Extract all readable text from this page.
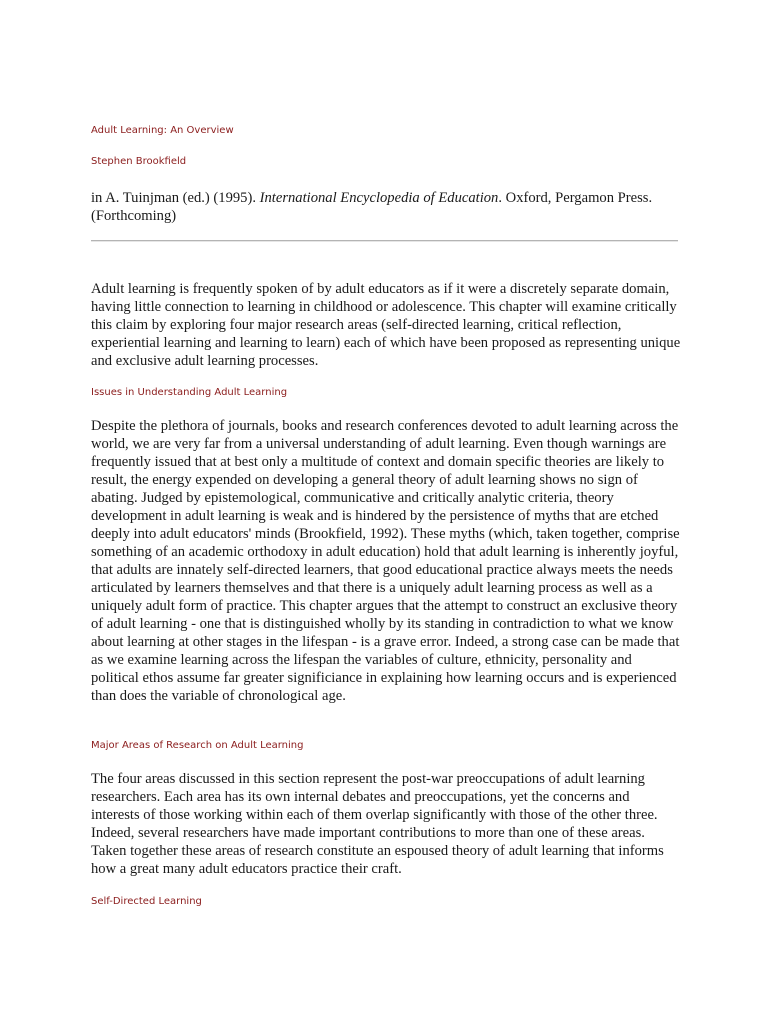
Adult Learning: An Overview
Stephen Brookfield

in A. Tuinjman (ed.) (1995). International Encyclopedia of Education. Oxford, Pergamon Press. (Forthcoming)

Adult learning is frequently spoken of by adult educators as if it were a discretely separate domain, having little connection to learning in childhood or adolescence. This chapter will examine critically this claim by exploring four major research areas (self-directed learning, critical reflection, experiential learning and learning to learn) each of which have been proposed as representing unique and exclusive adult learning processes.

Issues in Understanding Adult Learning

Despite the plethora of journals, books and research conferences devoted to adult learning across the world, we are very far from a universal understanding of adult learning. Even though warnings are frequently issued that at best only a multitude of context and domain specific theories are likely to result, the energy expended on developing a general theory of adult learning shows no sign of abating. Judged by epistemological, communicative and critically analytic criteria, theory development in adult learning is weak and is hindered by the persistence of myths that are etched deeply into adult educators' minds (Brookfield, 1992). These myths (which, taken together, comprise something of an academic orthodoxy in adult education) hold that adult learning is inherently joyful, that adults are innately self-directed learners, that good educational practice always meets the needs articulated by learners themselves and that there is a uniquely adult learning process as well as a uniquely adult form of practice. This chapter argues that the attempt to construct an exclusive theory of adult learning - one that is distinguished wholly by its standing in contradiction to what we know about learning at other stages in the lifespan - is a grave error. Indeed, a strong case can be made that as we examine learning across the lifespan the variables of culture, ethnicity, personality and political ethos assume far greater significiance in explaining how learning occurs and is experienced than does the variable of chronological age.

Major Areas of Research on Adult Learning

The four areas discussed in this section represent the post-war preoccupations of adult learning researchers. Each area has its own internal debates and preoccupations, yet the concerns and interests of those working within each of them overlap significantly with those of the other three. Indeed, several researchers have made important contributions to more than one of these areas. Taken together these areas of research constitute an espoused theory of adult learning that informs how a great many adult educators practice their craft.

Self-Directed Learning
